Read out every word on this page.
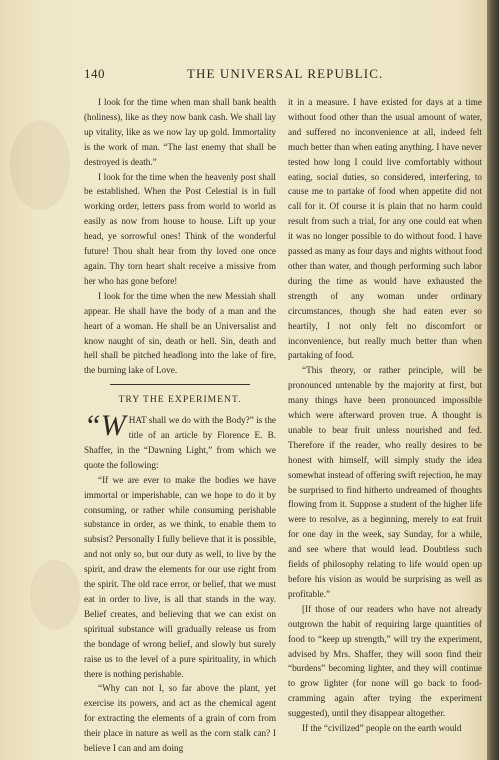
140	THE UNIVERSAL REPUBLIC.

I look for the time when man shall bank health (holiness), like as they now bank cash. We shall lay up vitality, like as we now lay up gold. Immortality is the work of man. “The last enemy that shall be destroyed is death.”

I look for the time when the heavenly post shall be established. When the Post Celestial is in full working order, letters pass from world to world as easily as now from house to house. Lift up your head, ye sorrowful ones! Think of the wonderful future! Thou shalt hear from thy loved one once again. Thy torn heart shalt receive a missive from her who has gone before!

I look for the time when the new Messiah shall appear. He shall have the body of a man and the heart of a woman. He shall be an Universalist and know naught of sin, death or hell. Sin, death and hell shall be pitched headlong into the lake of fire, the burning lake of Love.

TRY THE EXPERIMENT.

“W HAT shall we do with the Body?” is the title of an article by Florence E. B. Shaffer, in the “Dawning Light,” from which we quote the following:

“If we are ever to make the bodies we have immortal or imperishable, can we hope to do it by consuming, or rather while consuming perishable substance in order, as we think, to enable them to subsist? Personally I fully believe that it is possible, and not only so, but our duty as well, to live by the spirit, and draw the elements for our use right from the spirit. The old race error, or belief, that we must eat in order to live, is all that stands in the way. Belief creates, and believing that we can exist on spiritual substance will gradually release us from the bondage of wrong belief, and slowly but surely raise us to the level of a pure spirituality, in which there is nothing perishable.

“Why can not I, so far above the plant, yet exercise its powers, and act as the chemical agent for extracting the elements of a grain of corn from their place in nature as well as the corn stalk can? I believe I can and am doing

it in a measure. I have existed for days at a time without food other than the usual amount of water, and suffered no inconvenience at all, indeed felt much better than when eating anything. I have never tested how long I could live comfortably without eating, social duties, so considered, interfering, to cause me to partake of food when appetite did not call for it. Of course it is plain that no harm could result from such a trial, for any one could eat when it was no longer possible to do without food. I have passed as many as four days and nights without food other than water, and though performing such labor during the time as would have exhausted the strength of any woman under ordinary circumstances, though she had eaten ever so heartily, I not only felt no discomfort or inconvenience, but really much better than when partaking of food.

“This theory, or rather principle, will be pronounced untenable by the majority at first, but many things have been pronounced impossible which were afterward proven true. A thought is unable to bear fruit unless nourished and fed. Therefore if the reader, who really desires to be honest with himself, will simply study the idea somewhat instead of offering swift rejection, he may be surprised to find hitherto undreamed of thoughts flowing from it. Suppose a student of the higher life were to resolve, as a beginning, merely to eat fruit for one day in the week, say Sunday, for a while, and see where that would lead. Doubtless such fields of philosophy relating to life would open up before his vision as would be surprising as well as profitable.”

[If those of our readers who have not already outgrown the habit of requiring large quantities of food to “keep up strength,” will try the experiment, advised by Mrs. Shaffer, they will soon find their “burdens” becoming lighter, and they will continue to grow lighter (for none will go back to food-cramming again after trying the experiment suggested), until they disappear altogether.

If the “civilized” people on the earth would
